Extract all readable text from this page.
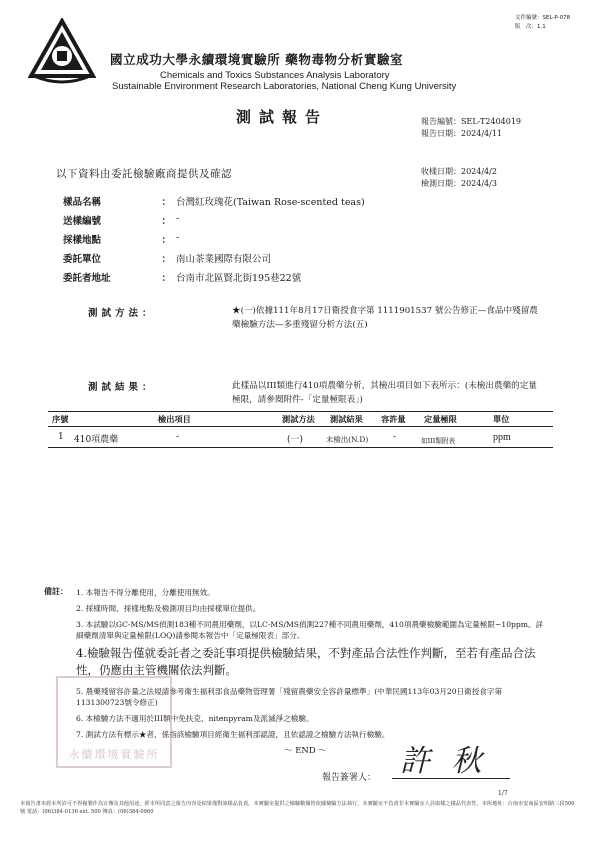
文件編號：SEL-P-078
版　次：1.1
國立成功大學永續環境實驗所 藥物毒物分析實驗室
Chemicals and Toxics Substances Analysis Laboratory
Sustainable Environment Research Laboratories, National Cheng Kung University
測試報告	報告編號：SEL-T2404019
報告日期：2024/4/11
收樣日期：2024/4/2
檢測日期：2024/4/3
以下資料由委託檢驗廠商提供及確認
樣品名稱	： 台灣紅玫瑰花(Taiwan Rose-scented teas)
送樣編號	： -
採樣地點	： -
委託單位	： 南山茶業國際有限公司
委託者地址	： 台南市北區賢北街195巷22號
測試方法：	★(一)依據111年8月17日衛授食字第 1111901537 號公告修正—食品中殘留農藥檢驗方法—多重殘留分析方法(五)
測試結果：	此樣品以III類進行410項農藥分析，其檢出項目如下表所示：(未檢出農藥的定量極限，請參閱附件-「定量極限表」)
序號	檢出項目	測試方法 測試結果 容許量 定量極限	單位
1 410項農藥	-	(一)	未檢出(N.D)	-	如III類附表	ppm
備註： 1. 本報告不得分離使用，分離使用無效。
2. 採樣時間、採樣地點及檢測項目均由採樣單位提供。
3. 本試驗以GC-MS/MS偵測183種不同農用藥劑，以LC-MS/MS偵測227種不同農用藥劑，410項農藥檢驗範圍為定量極限~10ppm。詳細藥劑清單與定量極限(LOQ)請參閱本報告中「定量極限表」部分。
4.檢驗報告僅就委託者之委託事項提供檢驗結果，不對產品合法性作判斷，至若有產品合法性，仍應由主管機關依法判斷。
5. 農藥殘留容許量之法規請參考衛生福利部食品藥物管理署「殘留農藥安全容許量標準」(中華民國113年03月20日衛授食字第1131300723號令修正)
6. 本檢驗方法不適用於III類中免扶克、nitenpyram及派滅淨之檢驗。
7. 測試方法有標示★者，係指該檢驗項目經衛生福利部認證，且依認證之檢驗方法執行檢驗。
永續環境實驗所	～ END ～ 許 秋
報告簽署人：
1/7
本報告書未經本所許可不得複製作為宣傳及其他用途，經本所同意之報告內容及結果僅對該樣品負責。本實驗室提供之檢驗數據皆依據檢驗方法執行，本實驗室不負責非本實驗室人員取樣之樣品代表性。本所地址：台南市安南區安明路三段500號 電話：(06)384-0136 ext. 500 傳真：(06)384-0960
